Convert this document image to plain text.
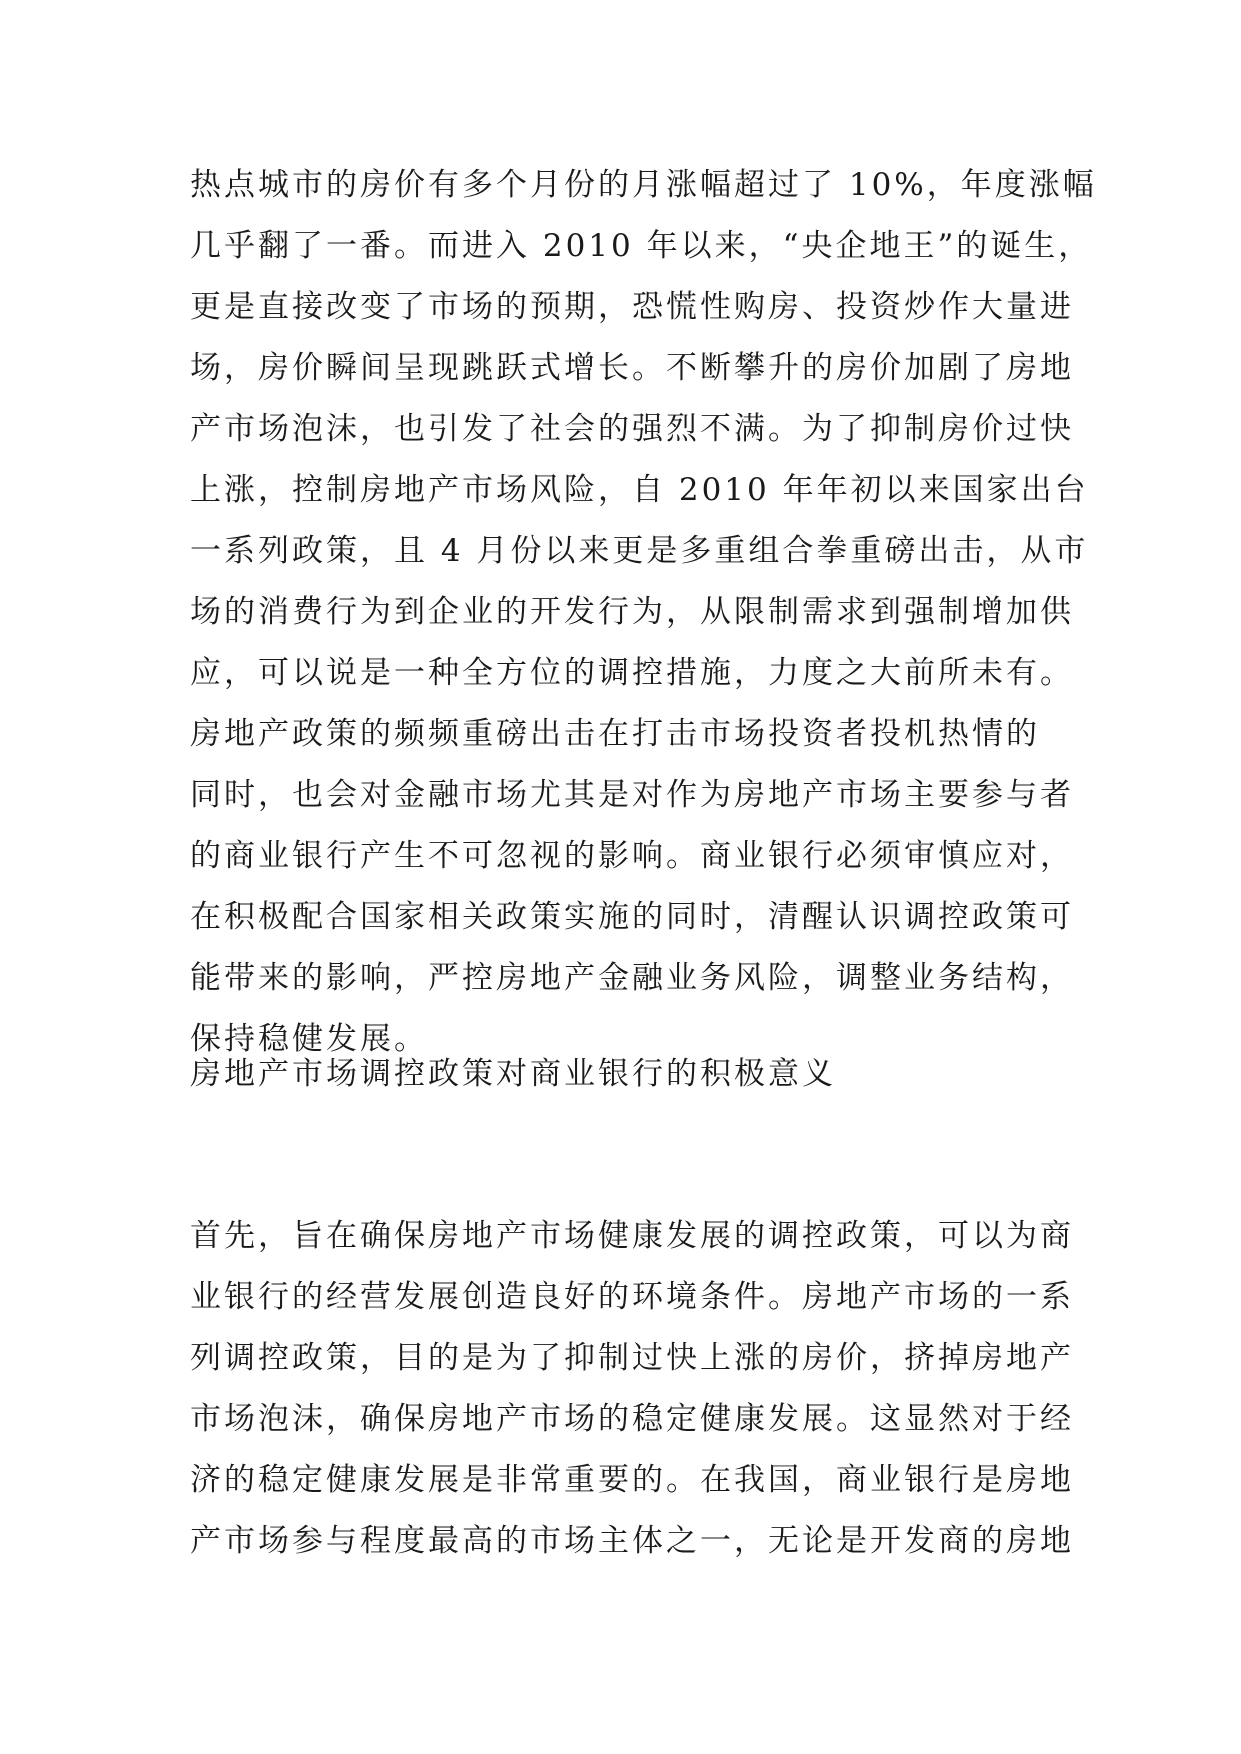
热点城市的房价有多个月份的月涨幅超过了 10%，年度涨幅
几乎翻了一番。而进入 2010 年以来，“央企地王”的诞生，
更是直接改变了市场的预期，恐慌性购房、投资炒作大量进
场，房价瞬间呈现跳跃式增长。不断攀升的房价加剧了房地
产市场泡沫，也引发了社会的强烈不满。为了抑制房价过快
上涨，控制房地产市场风险，自 2010 年年初以来国家出台
一系列政策，且 4 月份以来更是多重组合拳重磅出击，从市
场的消费行为到企业的开发行为，从限制需求到强制增加供
应，可以说是一种全方位的调控措施，力度之大前所未有。
房地产政策的频频重磅出击在打击市场投资者投机热情的
同时，也会对金融市场尤其是对作为房地产市场主要参与者
的商业银行产生不可忽视的影响。商业银行必须审慎应对，
在积极配合国家相关政策实施的同时，清醒认识调控政策可
能带来的影响，严控房地产金融业务风险，调整业务结构，
保持稳健发展。
房地产市场调控政策对商业银行的积极意义
首先，旨在确保房地产市场健康发展的调控政策，可以为商
业银行的经营发展创造良好的环境条件。房地产市场的一系
列调控政策，目的是为了抑制过快上涨的房价，挤掉房地产
市场泡沫，确保房地产市场的稳定健康发展。这显然对于经
济的稳定健康发展是非常重要的。在我国，商业银行是房地
产市场参与程度最高的市场主体之一，无论是开发商的房地
